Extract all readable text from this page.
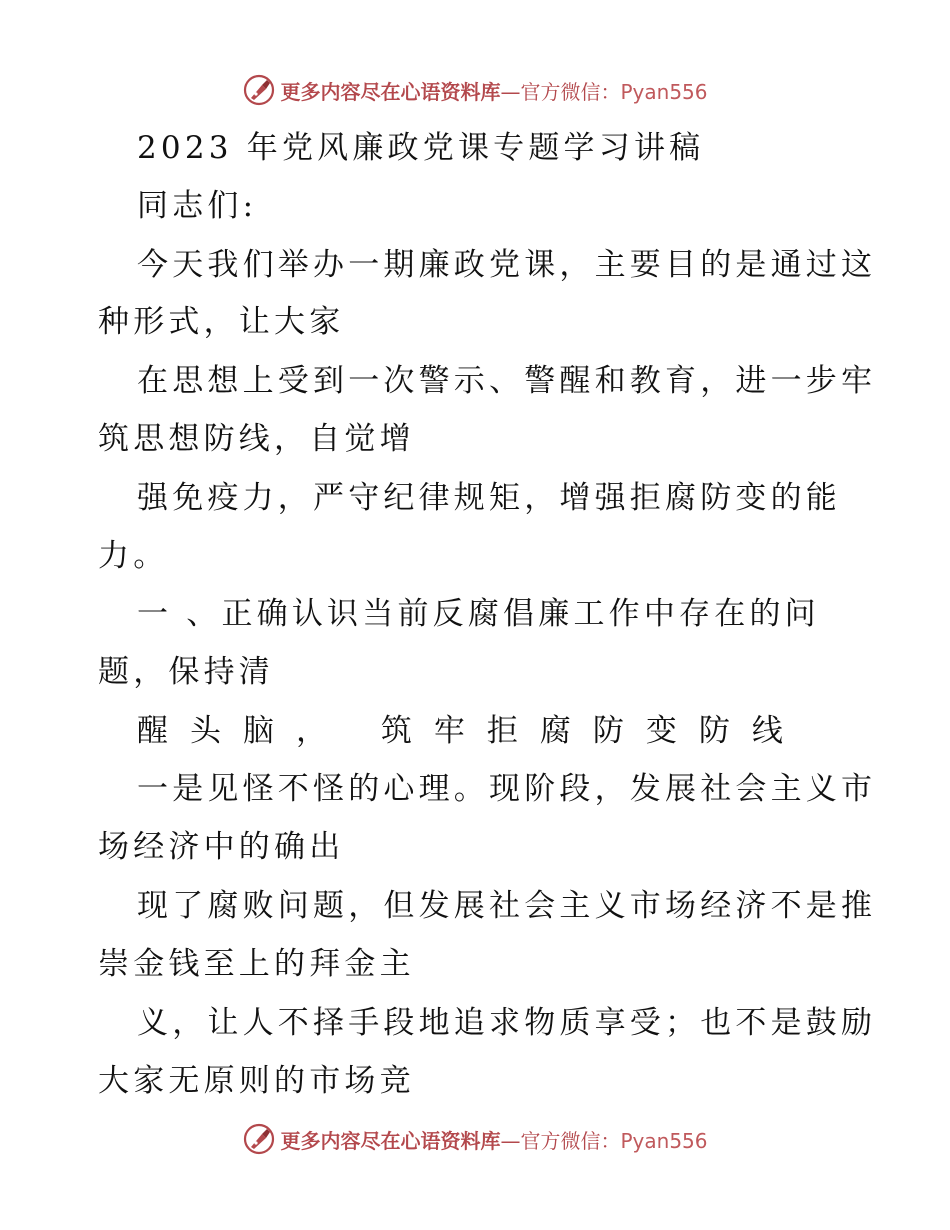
更多内容尽在心语资料库—官方微信：Pyan556
2023 年党风廉政党课专题学习讲稿
同志们:
今天我们举办一期廉政党课，主要目的是通过这
种形式，让大家
在思想上受到一次警示、警醒和教育，进一步牢
筑思想防线，自觉增
强免疫力，严守纪律规矩，增强拒腐防变的能
力。
一 、正确认识当前反腐倡廉工作中存在的问
题，保持清
醒头脑， 筑牢拒腐防变防线
一是见怪不怪的心理。现阶段，发展社会主义市
场经济中的确出
现了腐败问题，但发展社会主义市场经济不是推
崇金钱至上的拜金主
义，让人不择手段地追求物质享受；也不是鼓励
大家无原则的市场竞
更多内容尽在心语资料库—官方微信：Pyan556
